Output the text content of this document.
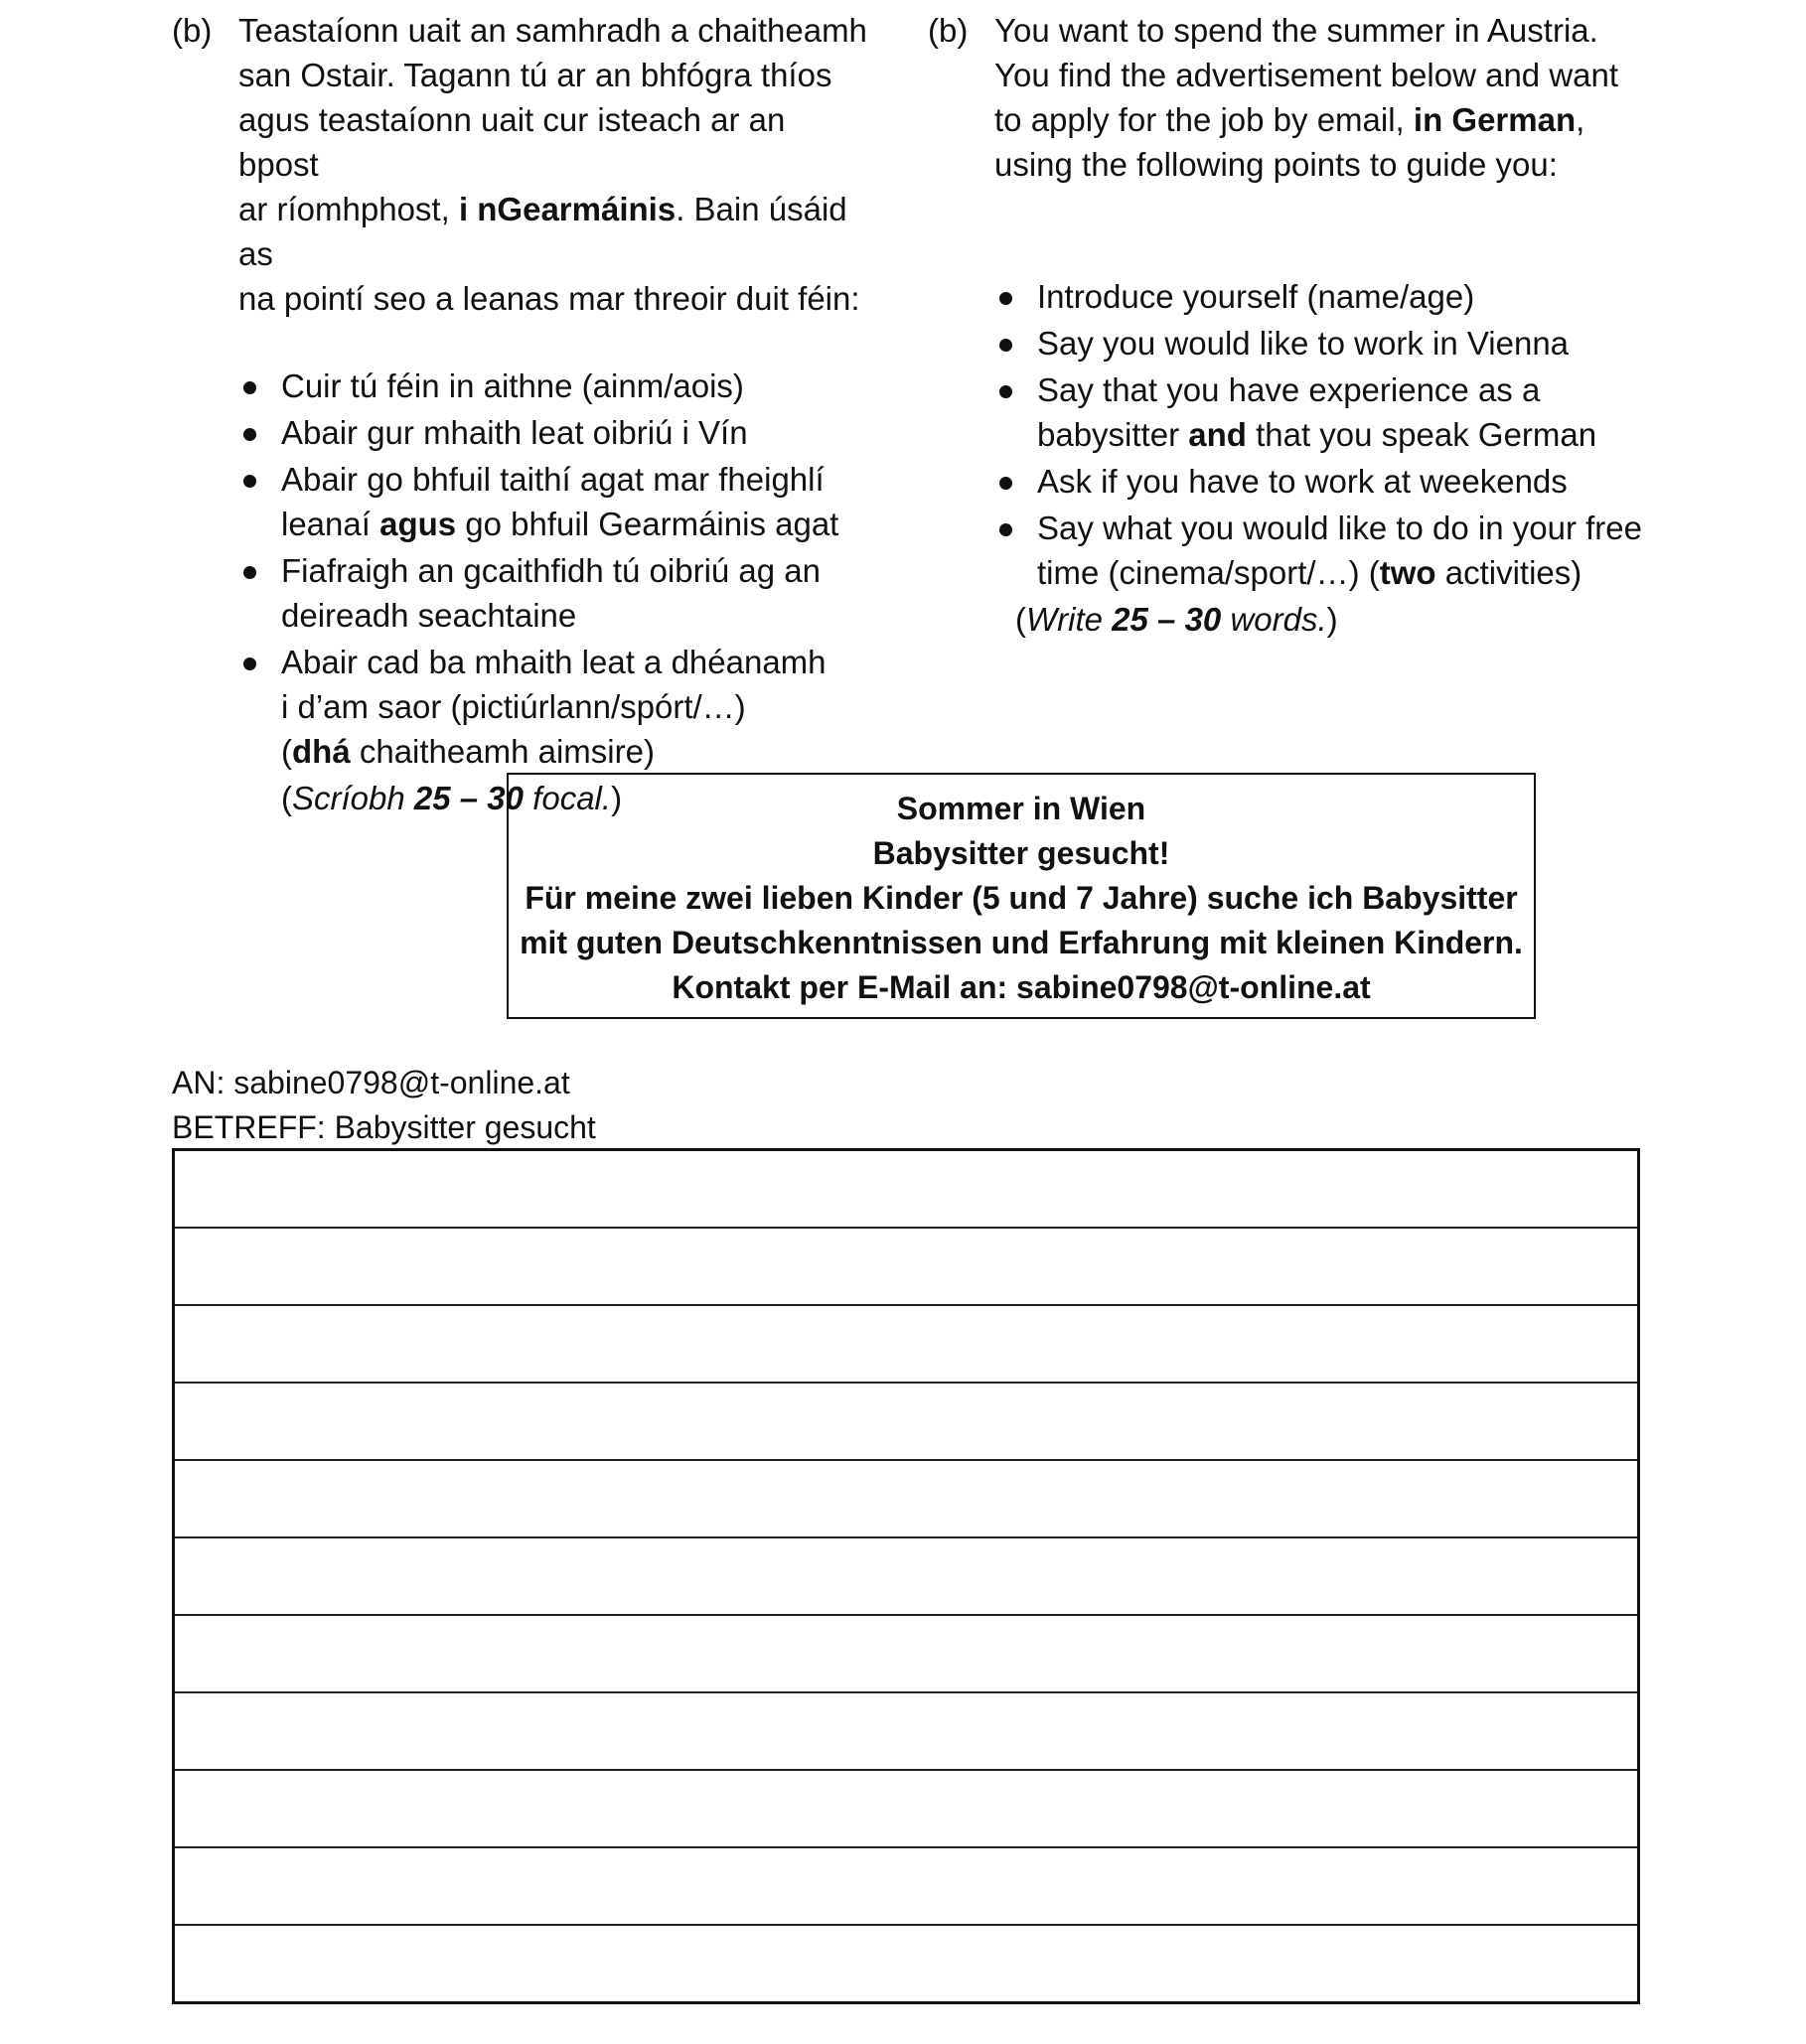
(b) Teastaíonn uait an samhradh a chaitheamh
san Ostair. Tagann tú ar an bhfógra thíos
agus teastaíonn uait cur isteach ar an bpost
ar ríomhphost, i nGearmáinis. Bain úsáid as
na pointí seo a leanas mar threoir duit féin:
Cuir tú féin in aithne (ainm/aois)
Abair gur mhaith leat oibriú i Vín
Abair go bhfuil taithí agat mar fheighlí
leanaí agus go bhfuil Gearmáinis agat
Fiafraigh an gcaithfidh tú oibriú ag an
deireadh seachtaine
Abair cad ba mhaith leat a dhéanamh
i d’am saor (pictiúrlann/spórt/…)
(dhá chaitheamh aimsire)
(Scríobh 25 – 30 focal.)
(b) You want to spend the summer in Austria.
You find the advertisement below and want
to apply for the job by email, in German,
using the following points to guide you:

Introduce yourself (name/age)
Say you would like to work in Vienna
Say that you have experience as a
babysitter and that you speak German
Ask if you have to work at weekends
Say what you would like to do in your free
time (cinema/sport/…) (two activities)
(Write 25 – 30 words.)
Sommer in Wien
Babysitter gesucht!
Für meine zwei lieben Kinder (5 und 7 Jahre) suche ich Babysitter
mit guten Deutschkenntnissen und Erfahrung mit kleinen Kindern.
Kontakt per E-Mail an: sabine0798@t-online.at
AN: sabine0798@t-online.at
BETREFF: Babysitter gesucht
